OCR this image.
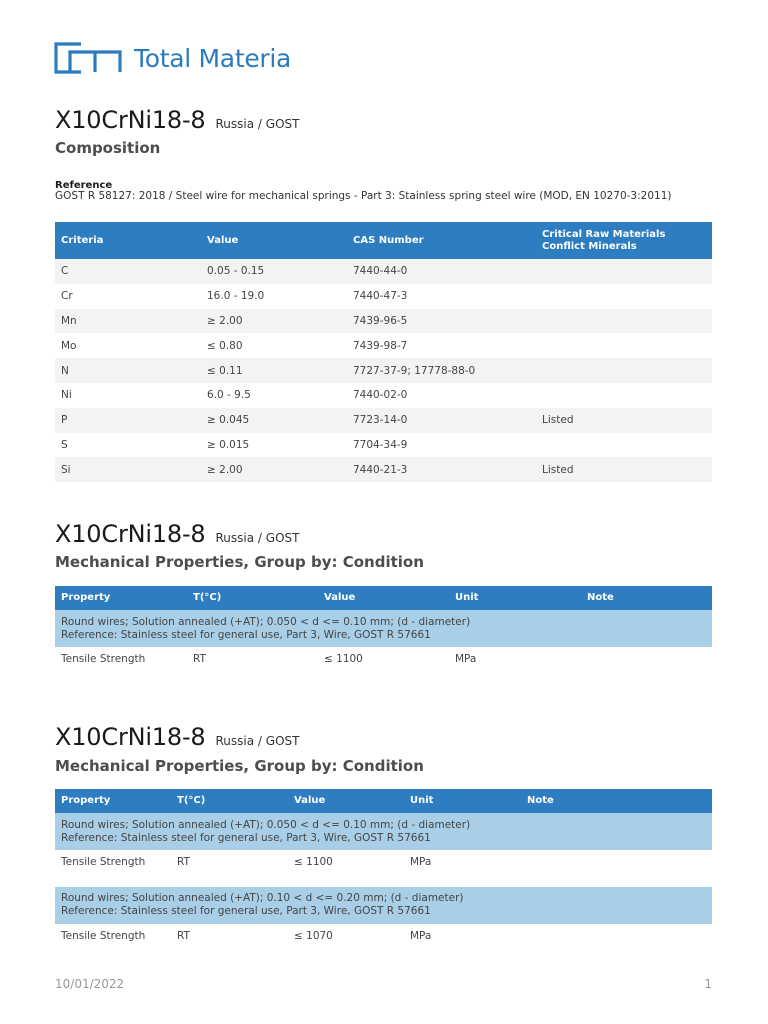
Total Materia
X10CrNi18-8 Russia / GOST
Composition
Reference
GOST R 58127: 2018 / Steel wire for mechanical springs - Part 3: Stainless spring steel wire (MOD, EN 10270-3:2011)
Criteria	Value	CAS Number	Critical Raw Materials
Conflict Minerals
C	0.05 - 0.15	7440-44-0	
Cr	16.0 - 19.0	7440-47-3	
Mn	≥ 2.00	7439-96-5	
Mo	≤ 0.80	7439-98-7	
N	≤ 0.11	7727-37-9; 17778-88-0	
Ni	6.0 - 9.5	7440-02-0	
P	≥ 0.045	7723-14-0	Listed
S	≥ 0.015	7704-34-9	
Si	≥ 2.00	7440-21-3	Listed
X10CrNi18-8 Russia / GOST
Mechanical Properties, Group by: Condition
Property	T(°C)	Value	Unit	Note
Round wires; Solution annealed (+AT); 0.050 < d <= 0.10 mm; (d - diameter)
Reference: Stainless steel for general use, Part 3, Wire, GOST R 57661				
Tensile Strength	RT	≤ 1100	MPa	
X10CrNi18-8 Russia / GOST
Mechanical Properties, Group by: Condition
Property	T(°C)	Value	Unit	Note
Round wires; Solution annealed (+AT); 0.050 < d <= 0.10 mm; (d - diameter)
Reference: Stainless steel for general use, Part 3, Wire, GOST R 57661				
Tensile Strength	RT	≤ 1100	MPa	

Round wires; Solution annealed (+AT); 0.10 < d <= 0.20 mm; (d - diameter)
Reference: Stainless steel for general use, Part 3, Wire, GOST R 57661				
Tensile Strength	RT	≤ 1070	MPa	
10/01/2022	1
